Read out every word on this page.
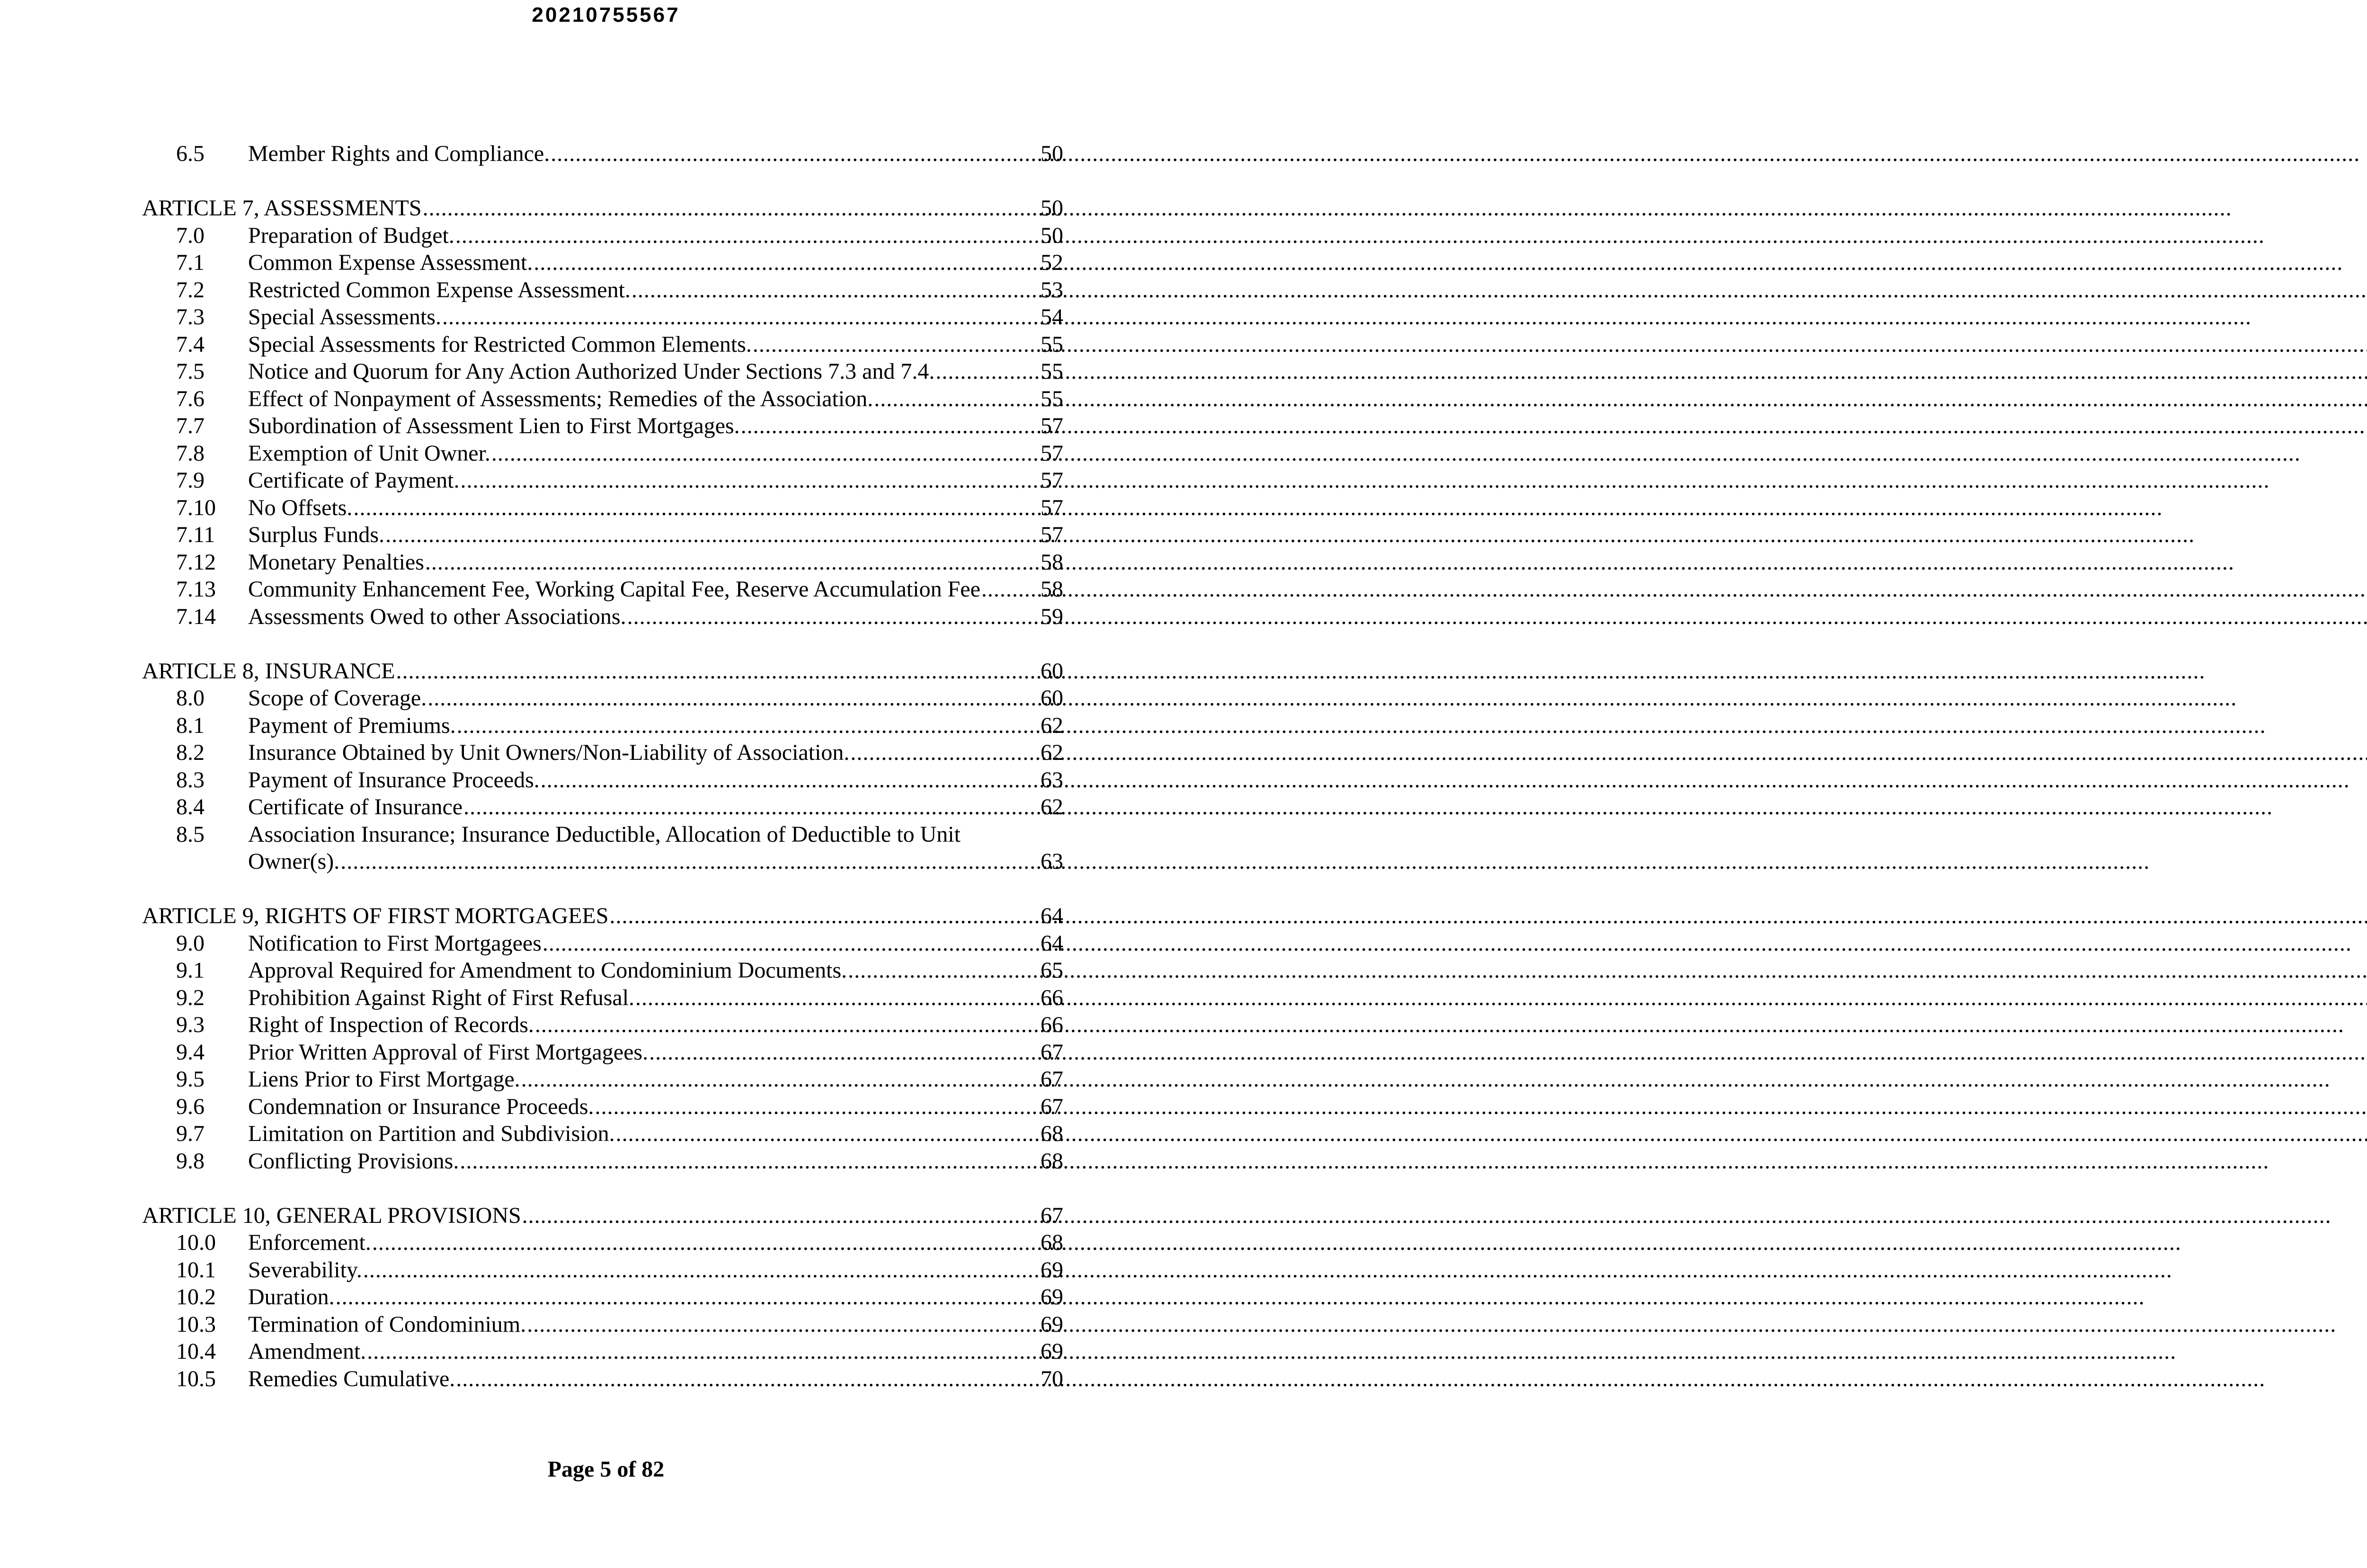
20210755567
6.5	Member Rights and Compliance. .....	50
ARTICLE 7, ASSESSMENTS .....	50
7.0	Preparation of Budget. .....	50
7.1	Common Expense Assessment. .....	52
7.2	Restricted Common Expense Assessment. .....	53
7.3	Special Assessments. .....	54
7.4	Special Assessments for Restricted Common Elements. .....	55
7.5	Notice and Quorum for Any Action Authorized Under Sections 7.3 and 7.4. .....	55
7.6	Effect of Nonpayment of Assessments; Remedies of the Association. .....	55
7.7	Subordination of Assessment Lien to First Mortgages. .....	57
7.8	Exemption of Unit Owner. .....	57
7.9	Certificate of Payment. .....	57
7.10	No Offsets. .....	57
7.11	Surplus Funds. .....	57
7.12	Monetary Penalties .....	58
7.13	Community Enhancement Fee, Working Capital Fee, Reserve Accumulation Fee .....	58
7.14	Assessments Owed to other Associations. .....	59
ARTICLE 8, INSURANCE .....	60
8.0	Scope of Coverage. .....	60
8.1	Payment of Premiums. .....	62
8.2	Insurance Obtained by Unit Owners/Non-Liability of Association. .....	62
8.3	Payment of Insurance Proceeds. .....	63
8.4	Certificate of Insurance .....	62
8.5	Association Insurance; Insurance Deductible, Allocation of Deductible to Unit
Owner(s). .....	63
ARTICLE 9, RIGHTS OF FIRST MORTGAGEES .....	64
9.0	Notification to First Mortgagees .....	64
9.1	Approval Required for Amendment to Condominium Documents. .....	65
9.2	Prohibition Against Right of First Refusal. .....	66
9.3	Right of Inspection of Records. .....	66
9.4	Prior Written Approval of First Mortgagees. .....	67
9.5	Liens Prior to First Mortgage. .....	67
9.6	Condemnation or Insurance Proceeds. .....	67
9.7	Limitation on Partition and Subdivision. .....	68
9.8	Conflicting Provisions. .....	68
ARTICLE 10, GENERAL PROVISIONS .....	67
10.0	Enforcement. .....	68
10.1	Severability. .....	69
10.2	Duration. .....	69
10.3	Termination of Condominium. .....	69
10.4	Amendment. .....	69
10.5	Remedies Cumulative. .....	70
Page 5 of 82
